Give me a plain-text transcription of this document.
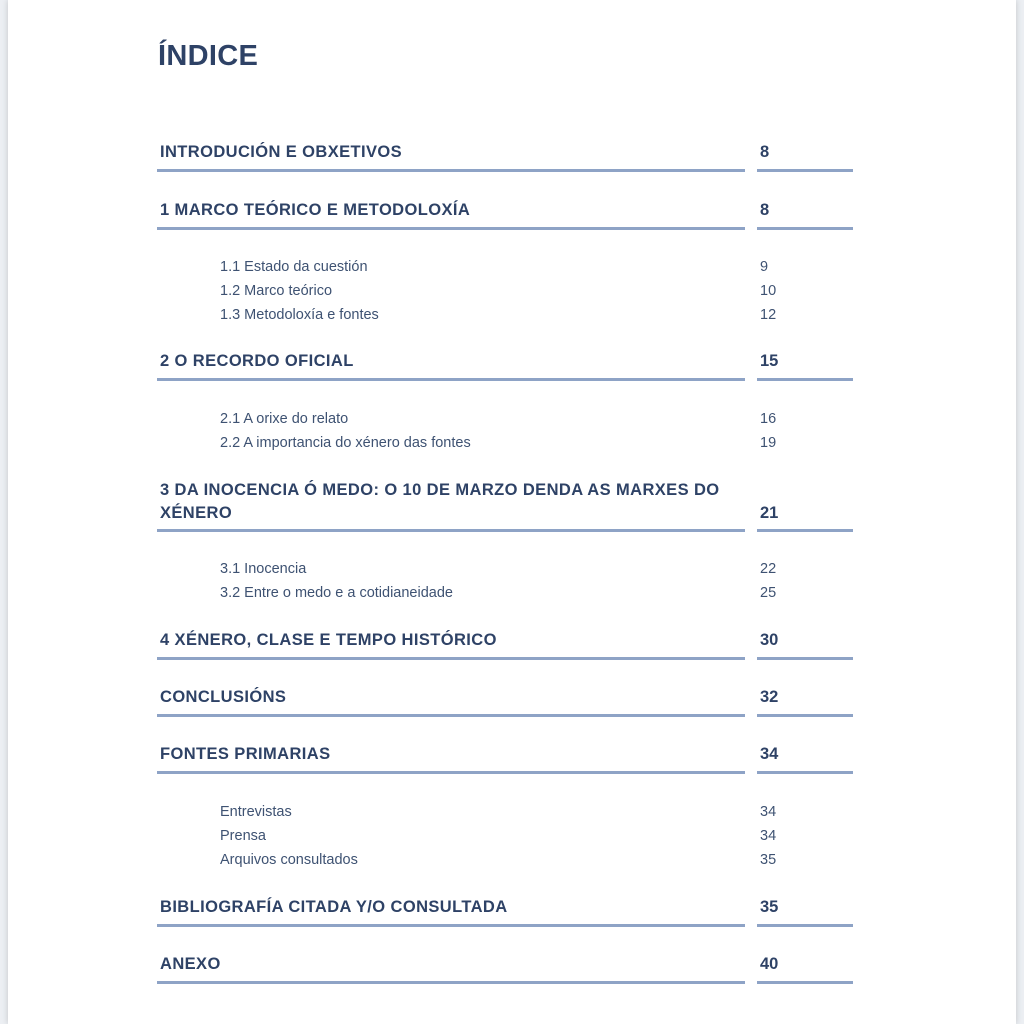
ÍNDICE
INTRODUCIÓN E OBXETIVOS	8
1 MARCO TEÓRICO E METODOLOXÍA	8
1.1 Estado da cuestión	9
1.2 Marco teórico	10
1.3 Metodoloxía e fontes	12
2 O RECORDO OFICIAL	15
2.1 A orixe do relato	16
2.2 A importancia do xénero das fontes	19
3 DA INOCENCIA Ó MEDO: O 10 DE MARZO DENDA AS MARXES DO XÉNERO	21
3.1 Inocencia	22
3.2 Entre o medo e a cotidianeidade	25
4 XÉNERO, CLASE E TEMPO HISTÓRICO	30
CONCLUSIÓNS	32
FONTES PRIMARIAS	34
Entrevistas	34
Prensa	34
Arquivos consultados	35
BIBLIOGRAFÍA CITADA Y/O CONSULTADA	35
ANEXO	40
